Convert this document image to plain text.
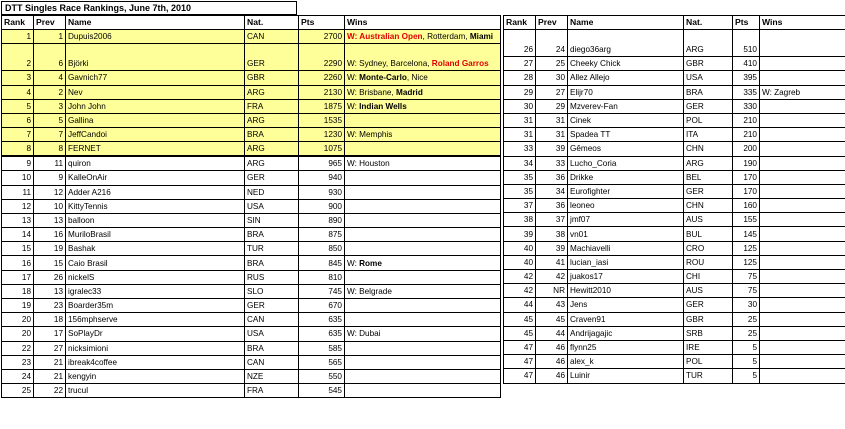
DTT Singles Race Rankings, June 7th, 2010
Rank	Prev	Name	Nat.	Pts	Wins
1	1	Dupuis2006	CAN	2700	W: Australian Open, Rotterdam, Miami
2	6	Björki	GER	2290	W: Sydney, Barcelona, Roland Garros
3	4	Gavnich77	GBR	2260	W: Monte-Carlo, Nice
4	2	Nev	ARG	2130	W: Brisbane, Madrid
5	3	John John	FRA	1875	W: Indian Wells
6	5	Gallina	ARG	1535	
7	7	JeffCandoi	BRA	1230	W: Memphis
8	8	FERNET	ARG	1075	
9	11	quiron	ARG	965	W: Houston
10	9	KalleOnAir	GER	940	
11	12	Adder A216	NED	930	
12	10	KittyTennis	USA	900	
13	13	balloon	SIN	890	
14	16	MuriloBrasil	BRA	875	
15	19	Bashak	TUR	850	
16	15	Caio Brasil	BRA	845	W: Rome
17	26	nickelS	RUS	810	
18	13	igralec33	SLO	745	W: Belgrade
19	23	Boarder35m	GER	670	
20	18	156mphserve	CAN	635	
20	17	SoPlayDr	USA	635	W: Dubai
22	27	nicksimioni	BRA	585	
23	21	ibreak4coffee	CAN	565	
24	21	kengyin	NZE	550	
25	22	trucul	FRA	545	
Rank	Prev	Name	Nat.	Pts	Wins
26	24	diego36arg	ARG	510	
27	25	Cheeky Chick	GBR	410	
28	30	Allez Allejo	USA	395	
29	27	Elijr70	BRA	335	W: Zagreb
30	29	Mzverev-Fan	GER	330	
31	31	Cinek	POL	210	
31	31	Spadea TT	ITA	210	
33	39	Gêmeos	CHN	200	
34	33	Lucho_Coria	ARG	190	
35	36	Drikke	BEL	170	
35	34	Eurofighter	GER	170	
37	36	leoneo	CHN	160	
38	37	jmf07	AUS	155	
39	38	vn01	BUL	145	
40	39	Machiavelli	CRO	125	
40	41	lucian_iasi	ROU	125	
42	42	juakos17	CHI	75	
42	NR	Hewitt2010	AUS	75	
44	43	Jens	GER	30	
45	45	Craven91	GBR	25	
45	44	Andrijagajic	SRB	25	
47	46	flynn25	IRE	5	
47	46	alex_k	POL	5	
47	46	Luinir	TUR	5	
